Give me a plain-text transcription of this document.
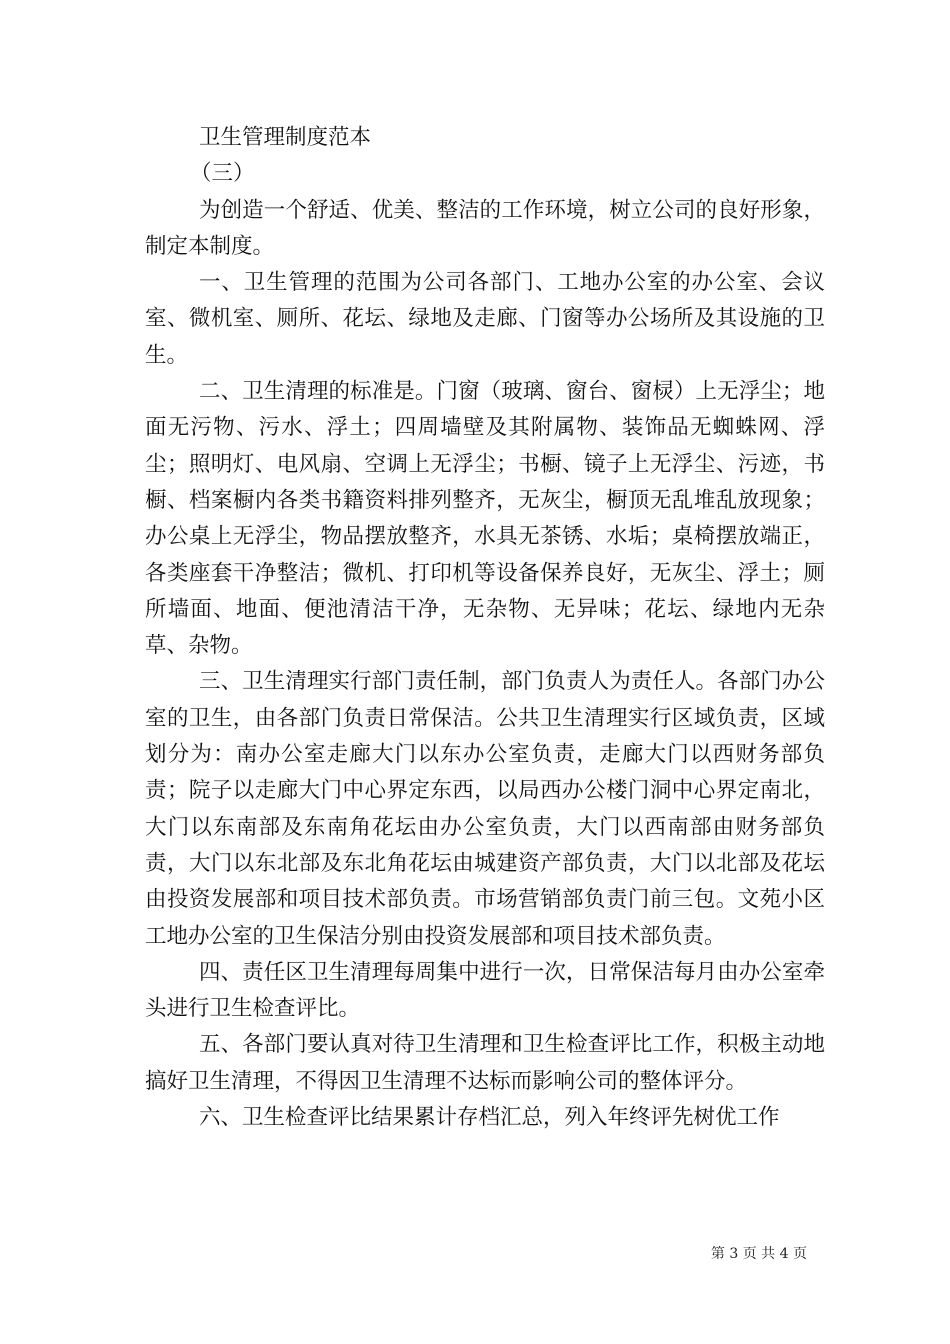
卫生管理制度范本

（三）

为创造一个舒适、优美、整洁的工作环境，树立公司的良好形象，制定本制度。

一、卫生管理的范围为公司各部门、工地办公室的办公室、会议室、微机室、厕所、花坛、绿地及走廊、门窗等办公场所及其设施的卫生。

二、卫生清理的标准是。门窗（玻璃、窗台、窗棂）上无浮尘；地面无污物、污水、浮土；四周墙壁及其附属物、装饰品无蜘蛛网、浮尘；照明灯、电风扇、空调上无浮尘；书橱、镜子上无浮尘、污迹，书橱、档案橱内各类书籍资料排列整齐，无灰尘，橱顶无乱堆乱放现象；办公桌上无浮尘，物品摆放整齐，水具无茶锈、水垢；桌椅摆放端正，各类座套干净整洁；微机、打印机等设备保养良好，无灰尘、浮土；厕所墙面、地面、便池清洁干净，无杂物、无异味；花坛、绿地内无杂草、杂物。

三、卫生清理实行部门责任制，部门负责人为责任人。各部门办公室的卫生，由各部门负责日常保洁。公共卫生清理实行区域负责，区域划分为：南办公室走廊大门以东办公室负责，走廊大门以西财务部负责；院子以走廊大门中心界定东西，以局西办公楼门洞中心界定南北，大门以东南部及东南角花坛由办公室负责，大门以西南部由财务部负责，大门以东北部及东北角花坛由城建资产部负责，大门以北部及花坛由投资发展部和项目技术部负责。市场营销部负责门前三包。文苑小区工地办公室的卫生保洁分别由投资发展部和项目技术部负责。

四、责任区卫生清理每周集中进行一次，日常保洁每月由办公室牵头进行卫生检查评比。

五、各部门要认真对待卫生清理和卫生检查评比工作，积极主动地搞好卫生清理，不得因卫生清理不达标而影响公司的整体评分。

六、卫生检查评比结果累计存档汇总，列入年终评先树优工作

第 3 页 共 4 页
